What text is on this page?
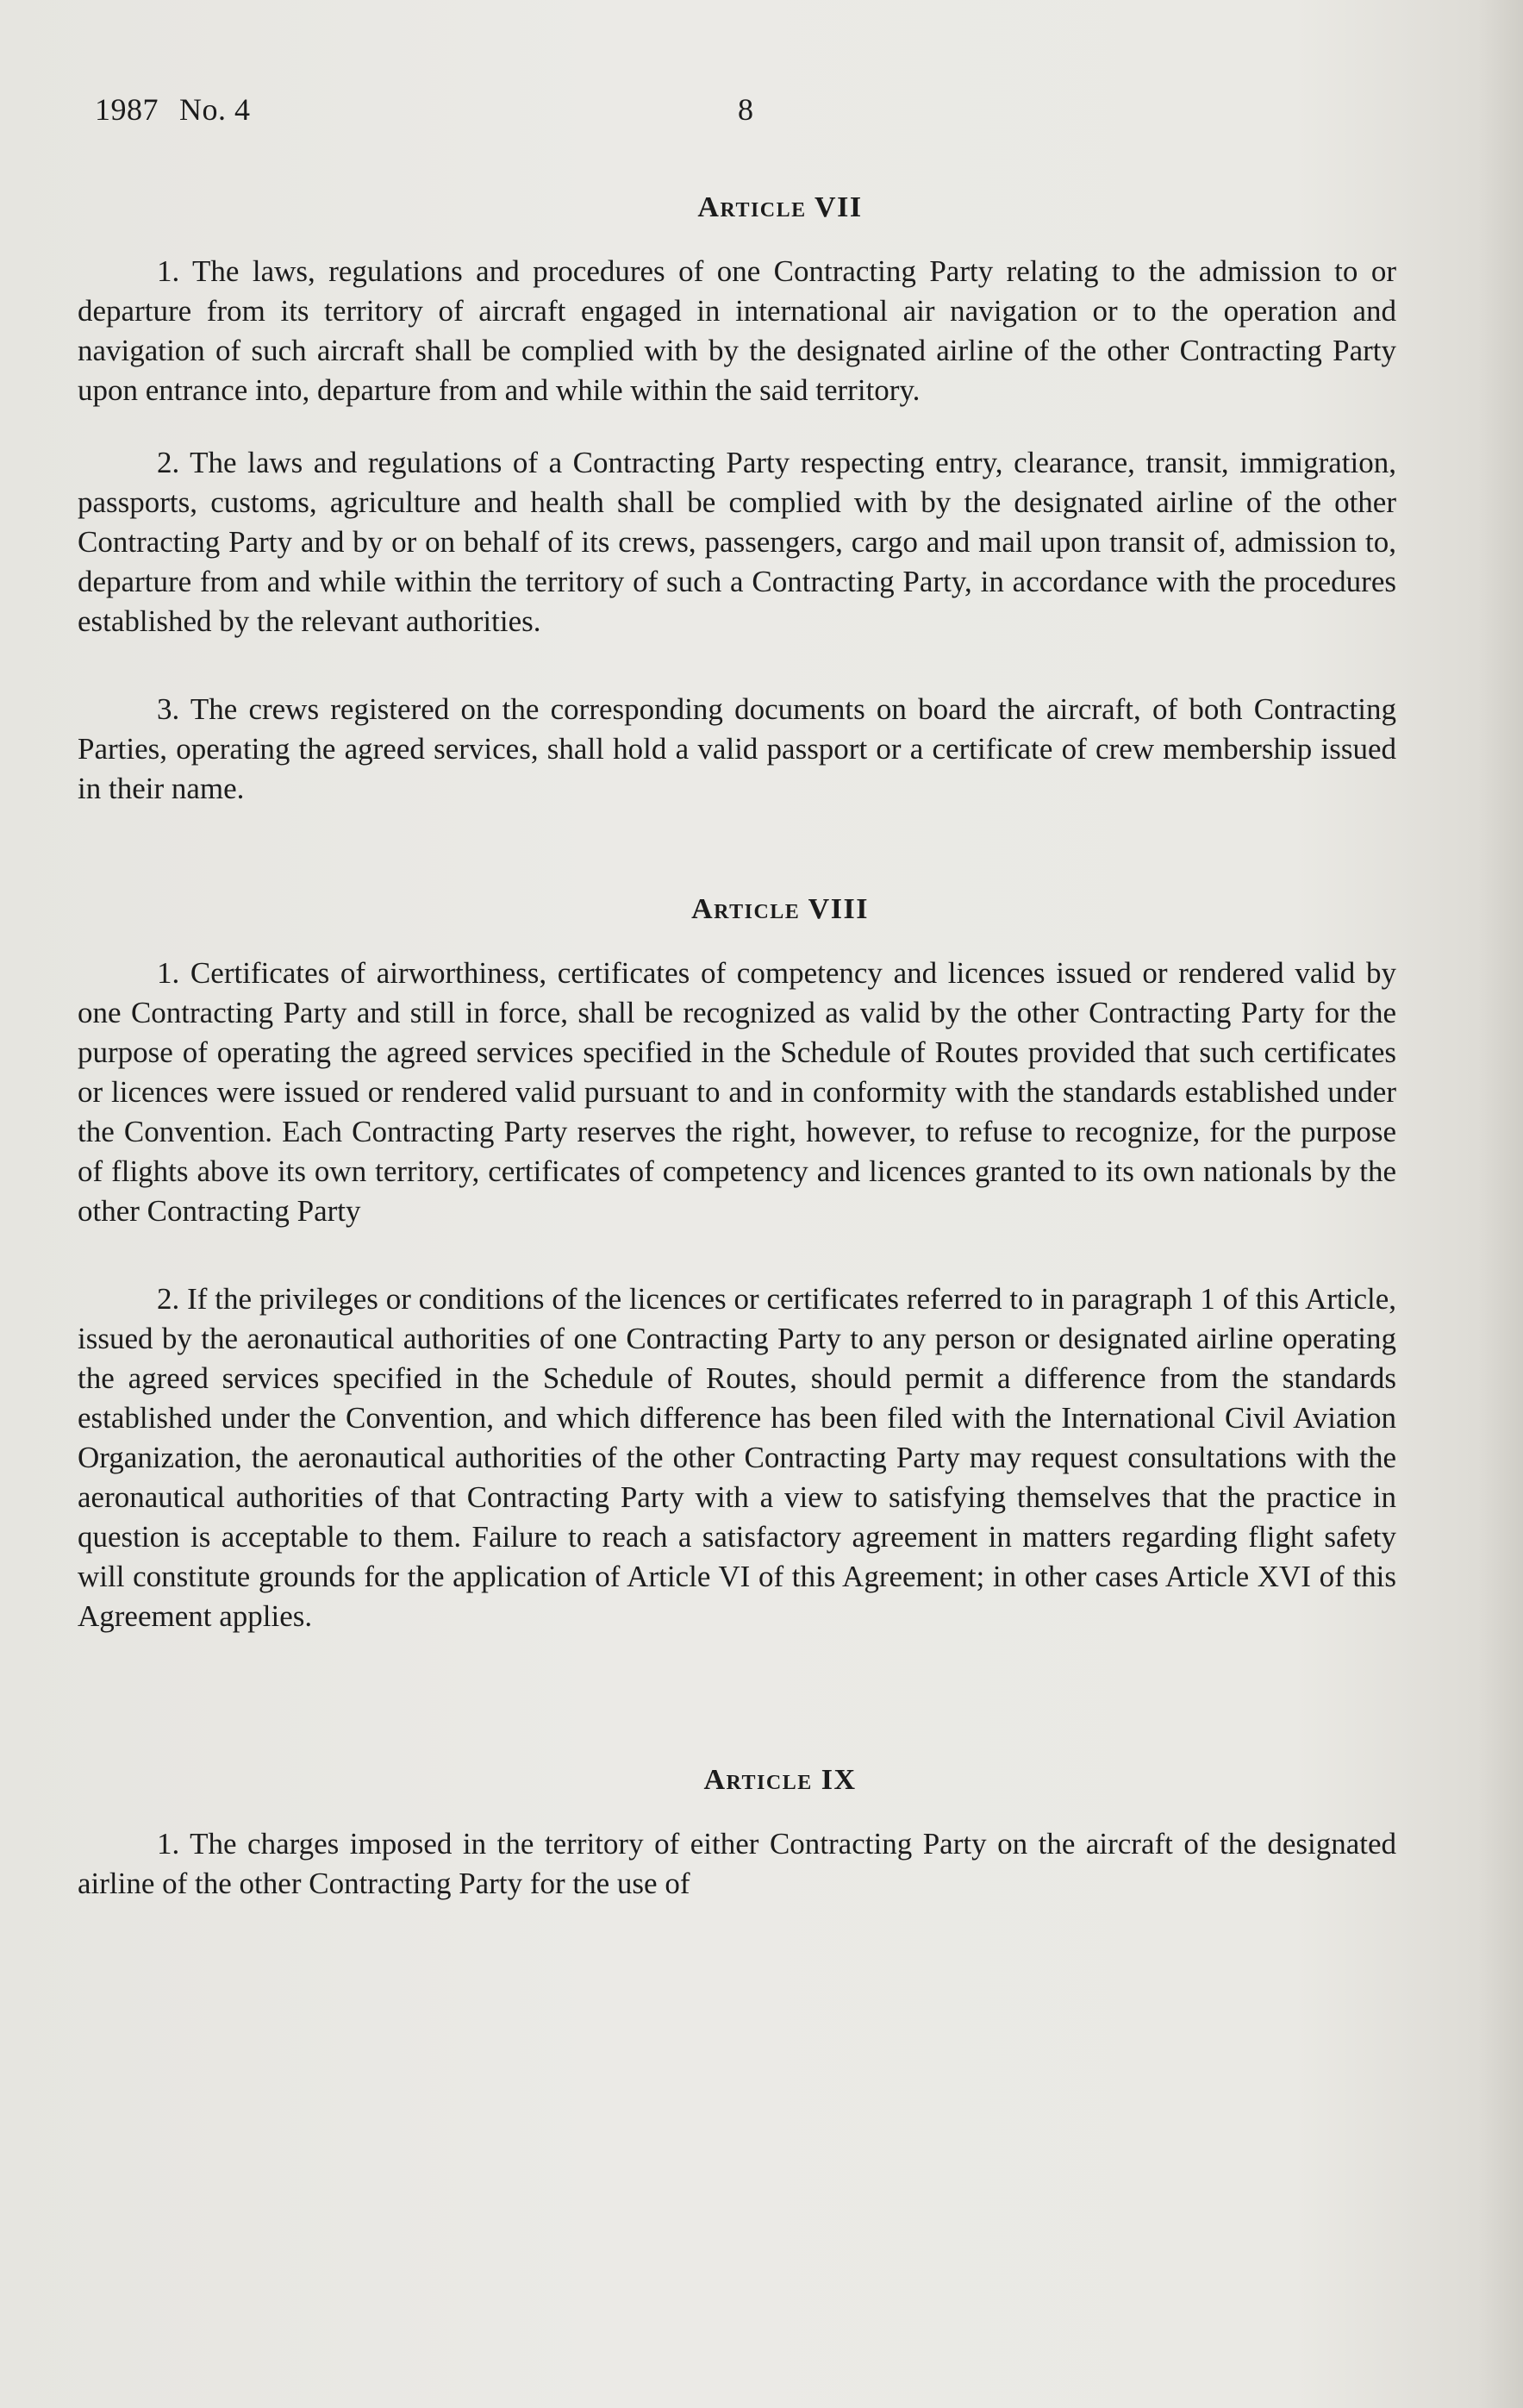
1987 No. 4	8
Article VII

1. The laws, regulations and procedures of one Contracting Party relating to the admission to or departure from its territory of aircraft engaged in international air navigation or to the operation and navigation of such aircraft shall be complied with by the designated airline of the other Contracting Party upon entrance into, departure from and while within the said territory.

2. The laws and regulations of a Contracting Party respecting entry, clearance, transit, immigration, passports, customs, agriculture and health shall be complied with by the designated airline of the other Contracting Party and by or on behalf of its crews, passengers, cargo and mail upon transit of, admission to, departure from and while within the territory of such a Contracting Party, in accordance with the procedures established by the relevant authorities.

3. The crews registered on the corresponding documents on board the aircraft, of both Contracting Parties, operating the agreed services, shall hold a valid passport or a certificate of crew membership issued in their name.

Article VIII

1. Certificates of airworthiness, certificates of competency and licences issued or rendered valid by one Contracting Party and still in force, shall be recognized as valid by the other Contracting Party for the purpose of operating the agreed services specified in the Schedule of Routes provided that such certificates or licences were issued or rendered valid pursuant to and in conformity with the standards established under the Convention. Each Contracting Party reserves the right, however, to refuse to recognize, for the purpose of flights above its own territory, certificates of competency and licences granted to its own nationals by the other Contracting Party

2. If the privileges or conditions of the licences or certificates referred to in paragraph 1 of this Article, issued by the aeronautical authorities of one Contracting Party to any person or designated airline operating the agreed services specified in the Schedule of Routes, should permit a difference from the standards established under the Convention, and which difference has been filed with the International Civil Aviation Organization, the aeronautical authorities of the other Contracting Party may request consultations with the aeronautical authorities of that Contracting Party with a view to satisfying themselves that the practice in question is acceptable to them. Failure to reach a satisfactory agreement in matters regarding flight safety will constitute grounds for the application of Article VI of this Agreement; in other cases Article XVI of this Agreement applies.

Article IX

1. The charges imposed in the territory of either Contracting Party on the aircraft of the designated airline of the other Contracting Party for the use of
